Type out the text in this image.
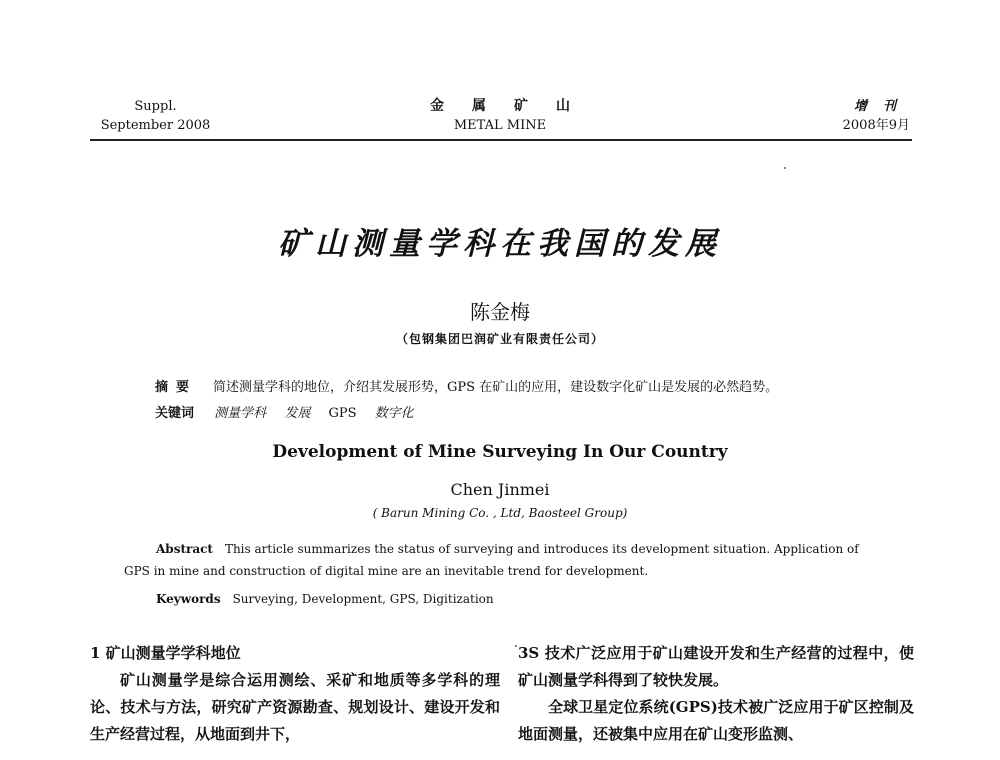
Suppl.
September 2008
金属矿山
METAL MINE
增刊
2008年9月
矿山测量学科在我国的发展
陈金梅
（包钢集团巴润矿业有限责任公司）
摘要 简述测量学科的地位，介绍其发展形势，GPS 在矿山的应用，建设数字化矿山是发展的必然趋势。
关键词 测量学科 发展 GPS 数字化
Development of Mine Surveying In Our Country
Chen Jinmei
( Barun Mining Co. , Ltd, Baosteel Group)
Abstract This article summarizes the status of surveying and introduces its development situation. Application of GPS in mine and construction of digital mine are an inevitable trend for development.
Keywords Surveying, Development, GPS, Digitization

1 矿山测量学学科地位

矿山测量学是综合运用测绘、采矿和地质等多学科的理论、技术与方法，研究矿产资源勘查、规划设计、建设开发和生产经营过程，从地面到井下，

3S 技术广泛应用于矿山建设开发和生产经营的过程中，使矿山测量学科得到了较快发展。

全球卫星定位系统(GPS)技术被广泛应用于矿区控制及地面测量，还被集中应用在矿山变形监测、
